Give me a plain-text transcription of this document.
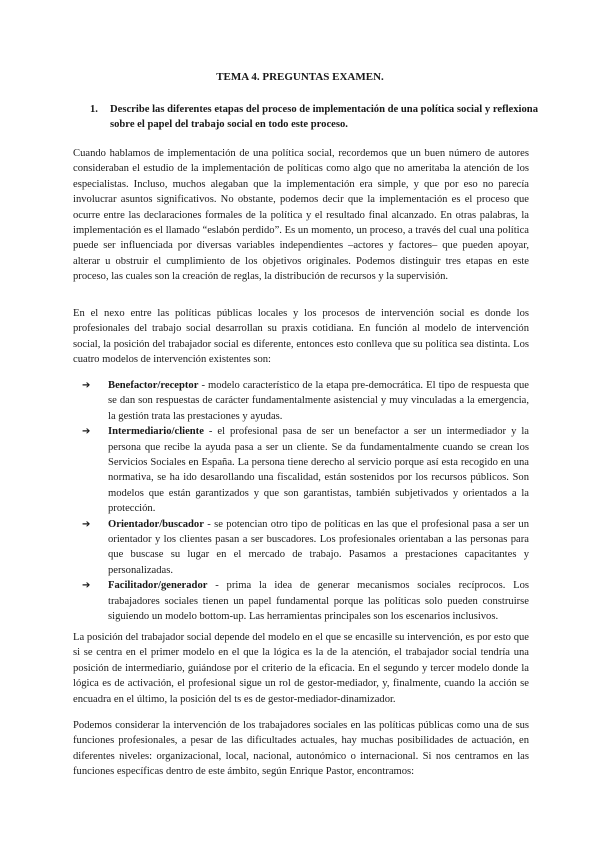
TEMA 4. PREGUNTAS EXAMEN.
1.	Describe las diferentes etapas del proceso de implementación de una política social y reflexiona sobre el papel del trabajo social en todo este proceso.

Cuando hablamos de implementación de una política social, recordemos que un buen número de autores consideraban el estudio de la implementación de políticas como algo que no ameritaba la atención de los especialistas. Incluso, muchos alegaban que la implementación era simple, y que por eso no parecía involucrar asuntos significativos. No obstante, podemos decir que la implementación es el proceso que ocurre entre las declaraciones formales de la política y el resultado final alcanzado. En otras palabras, la implementación es el llamado “eslabón perdido”. Es un momento, un proceso, a través del cual una política puede ser influenciada por diversas variables independientes –actores y factores– que pueden apoyar, alterar u obstruir el cumplimiento de los objetivos originales. Podemos distinguir tres etapas en este proceso, las cuales son la creación de reglas, la distribución de recursos y la supervisión.

En el nexo entre las políticas públicas locales y los procesos de intervención social es donde los profesionales del trabajo social desarrollan su praxis cotidiana. En función al modelo de intervención social, la posición del trabajador social es diferente, entonces esto conlleva que su política sea distinta. Los cuatro modelos de intervención existentes son:

➔	Benefactor/receptor - modelo característico de la etapa pre-democrática. El tipo de respuesta que se dan son respuestas de carácter fundamentalmente asistencial y muy vinculadas a la emergencia, la gestión trata las prestaciones y ayudas.
➔	Intermediario/cliente - el profesional pasa de ser un benefactor a ser un intermediador y la persona que recibe la ayuda pasa a ser un cliente. Se da fundamentalmente cuando se crean los Servicios Sociales en España. La persona tiene derecho al servicio porque así esta recogido en una normativa, se ha ido desarollando una fiscalidad, están sostenidos por los recursos públicos. Son modelos que están garantizados y que son garantistas, también subjetivados y orientados a la protección.
➔	Orientador/buscador - se potencian otro tipo de políticas en las que el profesional pasa a ser un orientador y los clientes pasan a ser buscadores. Los profesionales orientaban a las personas para que buscase su lugar en el mercado de trabajo. Pasamos a prestaciones capacitantes y personalizadas.
➔	Facilitador/generador - prima la idea de generar mecanismos sociales recíprocos. Los trabajadores sociales tienen un papel fundamental porque las políticas solo pueden construirse siguiendo un modelo bottom-up. Las herramientas principales son los escenarios inclusivos.

La posición del trabajador social depende del modelo en el que se encasille su intervención, es por esto que si se centra en el primer modelo en el que la lógica es la de la atención, el trabajador social tendría una posición de intermediario, guiándose por el criterio de la eficacia. En el segundo y tercer modelo donde la lógica es de activación, el profesional sigue un rol de gestor-mediador, y, finalmente, cuando la acción se encuadra en el último, la posición del ts es de gestor-mediador-dinamizador.

Podemos considerar la intervención de los trabajadores sociales en las políticas públicas como una de sus funciones profesionales, a pesar de las dificultades actuales, hay muchas posibilidades de actuación, en diferentes niveles: organizacional, local, nacional, autonómico o internacional. Si nos centramos en las funciones específicas dentro de este ámbito, según Enrique Pastor, encontramos:
